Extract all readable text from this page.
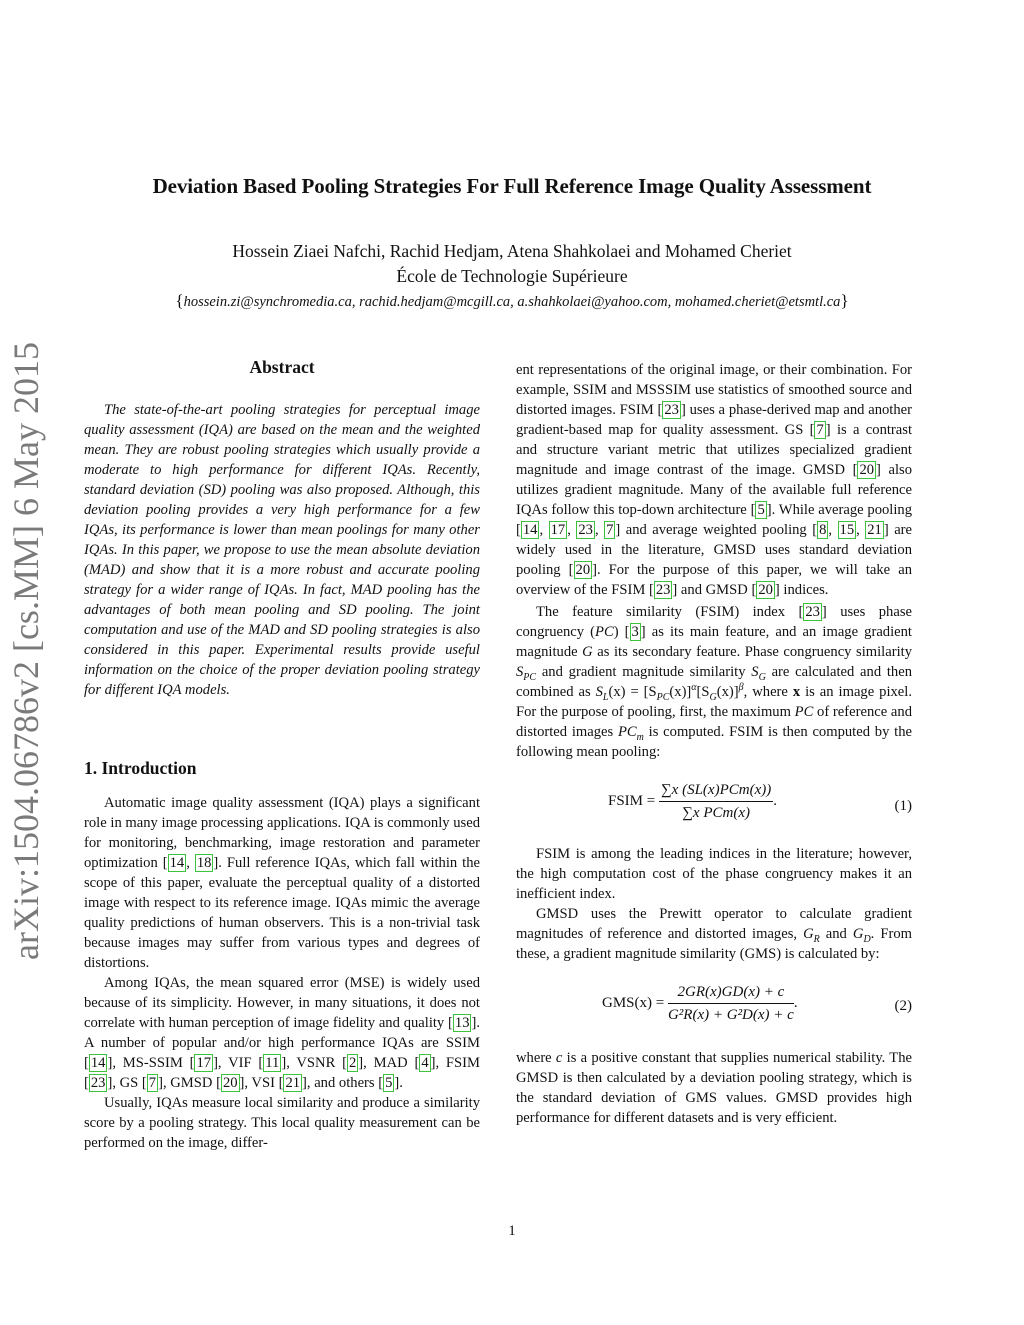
Deviation Based Pooling Strategies For Full Reference Image Quality Assessment
Hossein Ziaei Nafchi, Rachid Hedjam, Atena Shahkolaei and Mohamed Cheriet
École de Technologie Supérieure
{hossein.zi@synchromedia.ca, rachid.hedjam@mcgill.ca, a.shahkolaei@yahoo.com, mohamed.cheriet@etsmtl.ca}
arXiv:1504.06786v2 [cs.MM] 6 May 2015	Abstract

The state-of-the-art pooling strategies for perceptual image quality assessment (IQA) are based on the mean and the weighted mean. They are robust pooling strategies which usually provide a moderate to high performance for different IQAs. Recently, standard deviation (SD) pooling was also proposed. Although, this deviation pooling provides a very high performance for a few IQAs, its performance is lower than mean poolings for many other IQAs. In this paper, we propose to use the mean absolute deviation (MAD) and show that it is a more robust and accurate pooling strategy for a wider range of IQAs. In fact, MAD pooling has the advantages of both mean pooling and SD pooling. The joint computation and use of the MAD and SD pooling strategies is also considered in this paper. Experimental results provide useful information on the choice of the proper deviation pooling strategy for different IQA models.

1. Introduction

Automatic image quality assessment (IQA) plays a significant role in many image processing applications. IQA is commonly used for monitoring, benchmarking, image restoration and parameter optimization [ 14 , 18 ]. Full reference IQAs, which fall within the scope of this paper, evaluate the perceptual quality of a distorted image with respect to its reference image. IQAs mimic the average quality predictions of human observers. This is a non-trivial task because images may suffer from various types and degrees of distortions.

Among IQAs, the mean squared error (MSE) is widely used because of its simplicity. However, in many situations, it does not correlate with human perception of image fidelity and quality [ 13 ]. A number of popular and/or high performance IQAs are SSIM [ 14 ], MS-SSIM [ 17 ], VIF [ 11 ], VSNR [ 2 ], MAD [ 4 ], FSIM [ 23 ], GS [ 7 ], GMSD [ 20 ], VSI [ 21 ], and others [ 5 ].

Usually, IQAs measure local similarity and produce a similarity score by a pooling strategy. This local quality measurement can be performed on the image, differ-

ent representations of the original image, or their combination. For example, SSIM and MSSSIM use statistics of smoothed source and distorted images. FSIM [ 23 ] uses a phase-derived map and another gradient-based map for quality assessment. GS [ 7 ] is a contrast and structure variant metric that utilizes specialized gradient magnitude and image contrast of the image. GMSD [ 20 ] also utilizes gradient magnitude. Many of the available full reference IQAs follow this top-down architecture [ 5 ]. While average pooling [ 14 , 17 , 23 , 7 ] and average weighted pooling [ 8 , 15 , 21 ] are widely used in the literature, GMSD uses standard deviation pooling [ 20 ]. For the purpose of this paper, we will take an overview of the FSIM [ 23 ] and GMSD [ 20 ] indices.

The feature similarity (FSIM) index [ 23 ] uses phase congruency (PC) [ 3 ] as its main feature, and an image gradient magnitude G as its secondary feature. Phase congruency similarity $S_{PC}$ and gradient magnitude similarity $S_G$ are calculated and then combined as $S_L(x) = [S_{PC}(x)]^\alpha[S_G(x)]^\beta$, where x is an image pixel. For the purpose of pooling, first, the maximum PC of reference and distorted images $PC_m$ is computed. FSIM is then computed by the following mean pooling:

FSIM = $\frac{\text{∑x (SL(x)PCm(x))}}{\text{∑x PCm(x)}}$ .	(1)

FSIM is among the leading indices in the literature; however, the high computation cost of the phase congruency makes it an inefficient index.

GMSD uses the Prewitt operator to calculate gradient magnitudes of reference and distorted images, $G_R$ and $G_D$. From these, a gradient magnitude similarity (GMS) is calculated by:

$GMS(x) = \frac{2GR(x)GD(x) + c}{\text{G²R(x) + G²D(x) + c}}$ .	(2)

where c is a positive constant that supplies numerical stability. The GMSD is then calculated by a deviation pooling strategy, which is the standard deviation of GMS values. GMSD provides high performance for different datasets and is very efficient.

1
